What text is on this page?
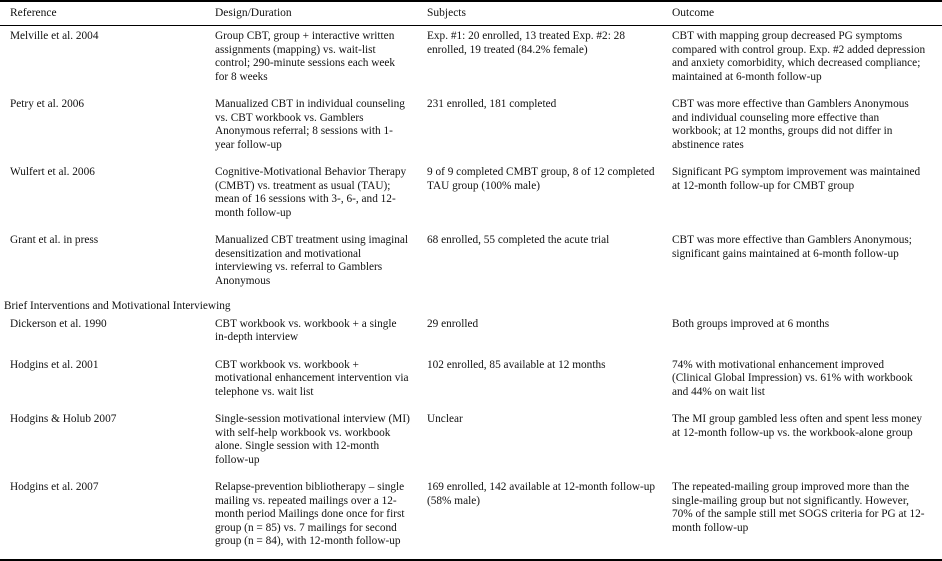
Reference	Design/Duration	Subjects	Outcome
Melville et al. 2004	Group CBT, group + interactive written assignments (mapping) vs. wait-list control; 290-minute sessions each week for 8 weeks	Exp. #1: 20 enrolled, 13 treated Exp. #2: 28 enrolled, 19 treated (84.2% female)	CBT with mapping group decreased PG symptoms compared with control group. Exp. #2 added depression and anxiety comorbidity, which decreased compliance; maintained at 6-month follow-up
Petry et al. 2006	Manualized CBT in individual counseling vs. CBT workbook vs. Gamblers Anonymous referral; 8 sessions with 1-year follow-up	231 enrolled, 181 completed	CBT was more effective than Gamblers Anonymous and individual counseling more effective than workbook; at 12 months, groups did not differ in abstinence rates
Wulfert et al. 2006	Cognitive-Motivational Behavior Therapy (CMBT) vs. treatment as usual (TAU); mean of 16 sessions with 3-, 6-, and 12-month follow-up	9 of 9 completed CMBT group, 8 of 12 completed TAU group (100% male)	Significant PG symptom improvement was maintained at 12-month follow-up for CMBT group
Grant et al. in press	Manualized CBT treatment using imaginal desensitization and motivational interviewing vs. referral to Gamblers Anonymous	68 enrolled, 55 completed the acute trial	CBT was more effective than Gamblers Anonymous; significant gains maintained at 6-month follow-up
Brief Interventions and Motivational Interviewing			
Dickerson et al. 1990	CBT workbook vs. workbook + a single in-depth interview	29 enrolled	Both groups improved at 6 months
Hodgins et al. 2001	CBT workbook vs. workbook + motivational enhancement intervention via telephone vs. wait list	102 enrolled, 85 available at 12 months	74% with motivational enhancement improved (Clinical Global Impression) vs. 61% with workbook and 44% on wait list
Hodgins & Holub 2007	Single-session motivational interview (MI) with self-help workbook vs. workbook alone. Single session with 12-month follow-up	Unclear	The MI group gambled less often and spent less money at 12-month follow-up vs. the workbook-alone group
Hodgins et al. 2007	Relapse-prevention bibliotherapy – single mailing vs. repeated mailings over a 12-month period Mailings done once for first group (n = 85) vs. 7 mailings for second group (n = 84), with 12-month follow-up	169 enrolled, 142 available at 12-month follow-up (58% male)	The repeated-mailing group improved more than the single-mailing group but not significantly. However, 70% of the sample still met SOGS criteria for PG at 12-month follow-up
